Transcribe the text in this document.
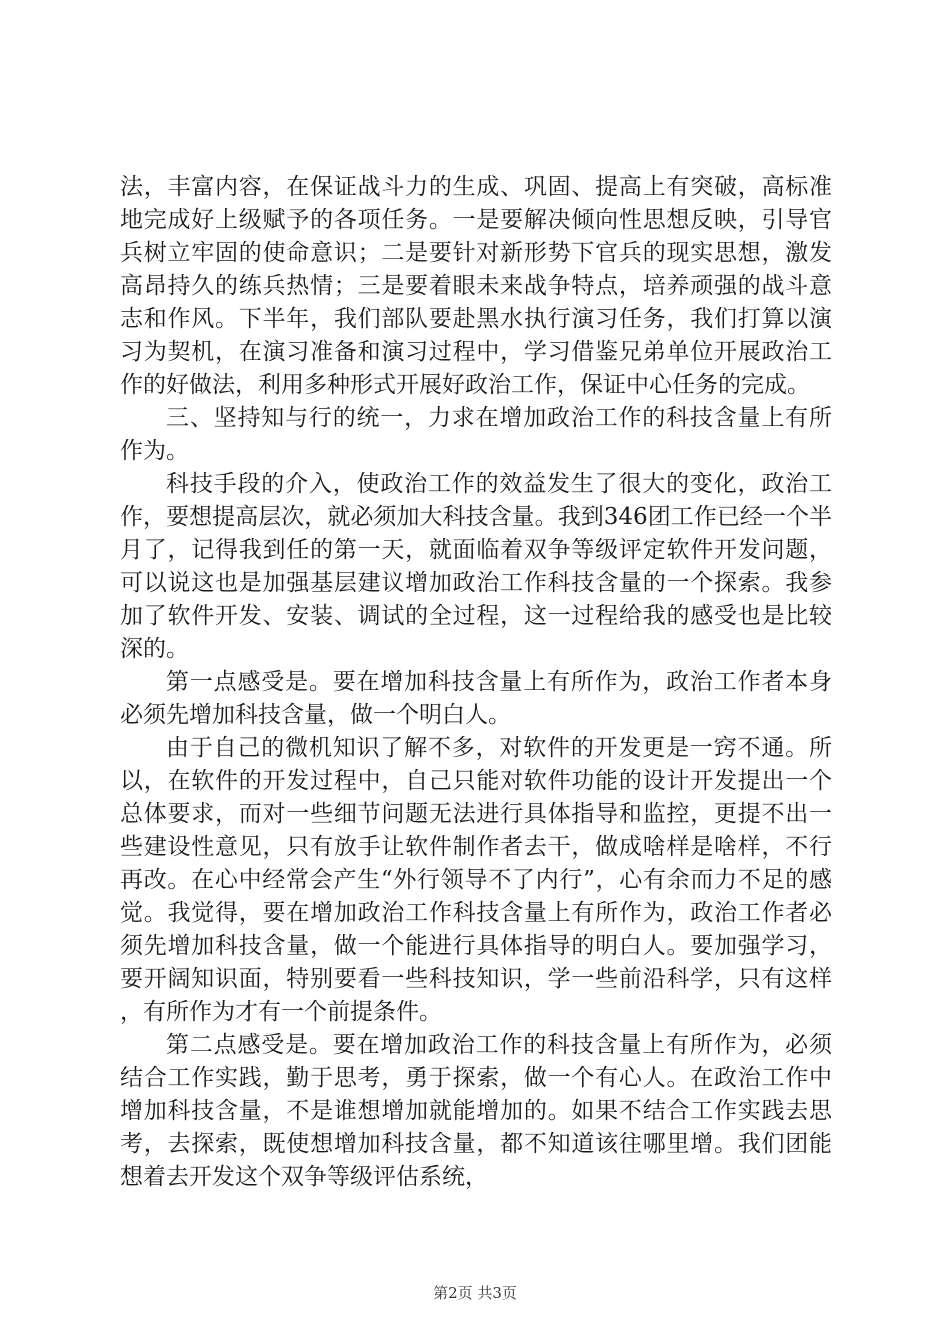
法，丰富内容，在保证战斗力的生成、巩固、提高上有突破，高标准地完成好上级赋予的各项任务。一是要解决倾向性思想反映，引导官兵树立牢固的使命意识；二是要针对新形势下官兵的现实思想，激发高昂持久的练兵热情；三是要着眼未来战争特点，培养顽强的战斗意志和作风。下半年，我们部队要赴黑水执行演习任务，我们打算以演习为契机，在演习准备和演习过程中，学习借鉴兄弟单位开展政治工作的好做法，利用多种形式开展好政治工作，保证中心任务的完成。

三、坚持知与行的统一，力求在增加政治工作的科技含量上有所作为。

科技手段的介入，使政治工作的效益发生了很大的变化，政治工作，要想提高层次，就必须加大科技含量。我到346团工作已经一个半月了，记得我到任的第一天，就面临着双争等级评定软件开发问题，可以说这也是加强基层建议增加政治工作科技含量的一个探索。我参加了软件开发、安装、调试的全过程，这一过程给我的感受也是比较深的。

第一点感受是。要在增加科技含量上有所作为，政治工作者本身必须先增加科技含量，做一个明白人。

由于自己的微机知识了解不多，对软件的开发更是一窍不通。所以，在软件的开发过程中，自己只能对软件功能的设计开发提出一个总体要求，而对一些细节问题无法进行具体指导和监控，更提不出一些建设性意见，只有放手让软件制作者去干，做成啥样是啥样，不行再改。在心中经常会产生“外行领导不了内行”，心有余而力不足的感觉。我觉得，要在增加政治工作科技含量上有所作为，政治工作者必须先增加科技含量，做一个能进行具体指导的明白人。要加强学习，要开阔知识面，特别要看一些科技知识，学一些前沿科学，只有这样，有所作为才有一个前提条件。

第二点感受是。要在增加政治工作的科技含量上有所作为，必须结合工作实践，勤于思考，勇于探索，做一个有心人。在政治工作中增加科技含量，不是谁想增加就能增加的。如果不结合工作实践去思考，去探索，既使想增加科技含量，都不知道该往哪里增。我们团能想着去开发这个双争等级评估系统，

第2页 共3页
